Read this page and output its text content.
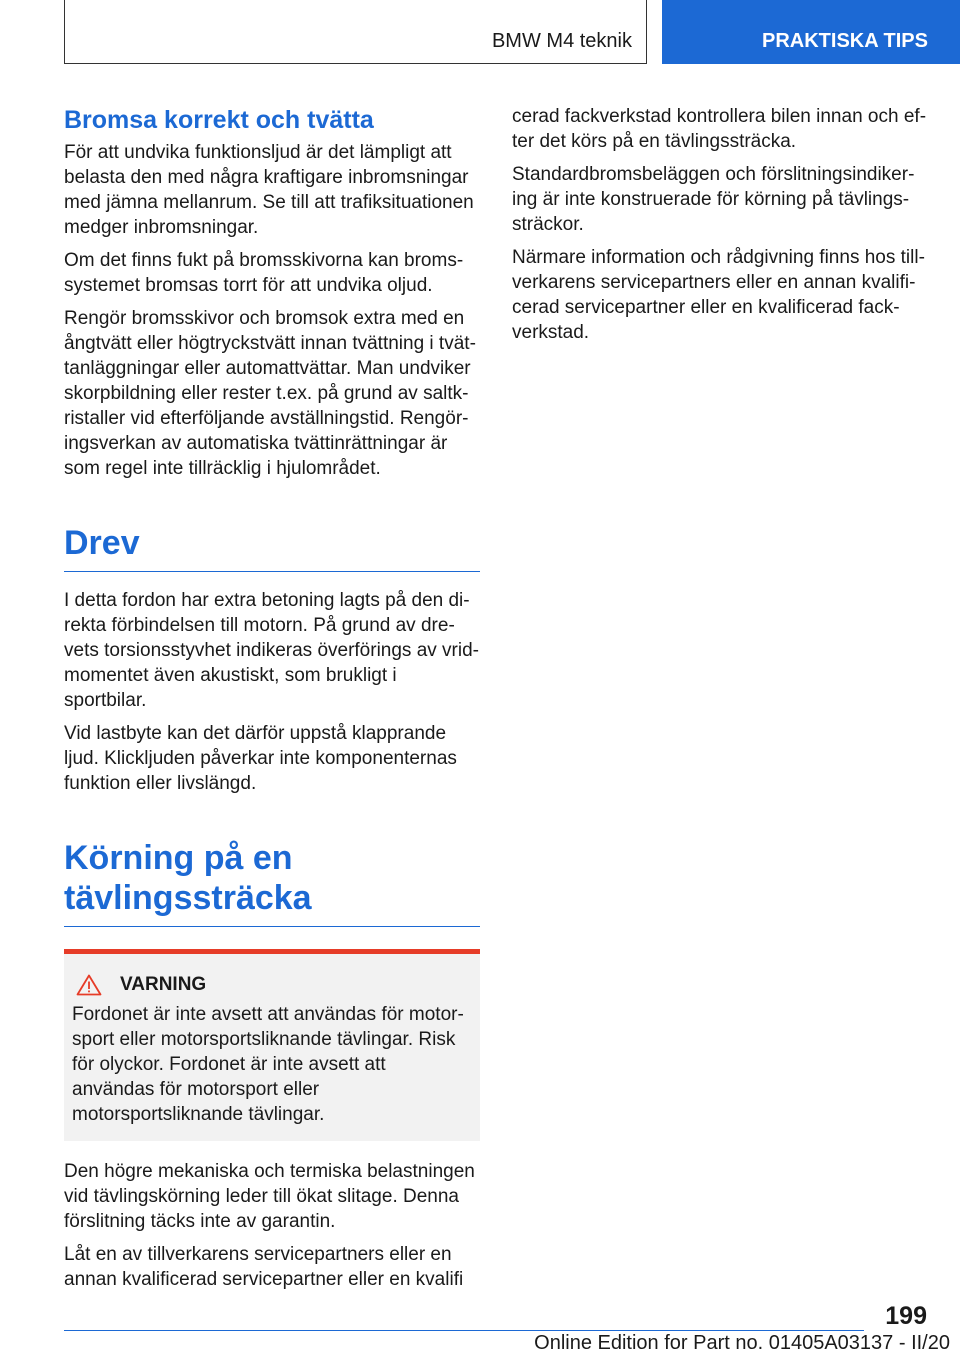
BMW M4 teknik	PRAKTISKA TIPS
Bromsa korrekt och tvätta

För att undvika funktionsljud är det lämpligt att belasta den med några kraftigare inbromsningar med jämna mellanrum. Se till att trafiksituationen medger inbromsningar.

Om det finns fukt på bromsskivorna kan bromssystemet bromsas torrt för att undvika oljud.

Rengör bromsskivor och bromsok extra med en ångtvätt eller högtryckstvätt innan tvättning i tvättanläggningar eller automattvättar. Man undviker skorpbildning eller rester t.ex. på grund av saltkristaller vid efterföljande avställningstid. Rengöringsverkan av automatiska tvättinrättningar är som regel inte tillräcklig i hjulområdet.

Drev

I detta fordon har extra betoning lagts på den direkta förbindelsen till motorn. På grund av drevets torsionsstyvhet indikeras överförings av vridmomentet även akustiskt, som brukligt i sportbilar.

Vid lastbyte kan det därför uppstå klapprande ljud. Klickljuden påverkar inte komponenternas funktion eller livslängd.

Körning på en tävlingssträcka
VARNING

Fordonet är inte avsett att användas för motorsport eller motorsportsliknande tävlingar. Risk för olyckor. Fordonet är inte avsett att användas för motorsport eller motorsportsliknande tävlingar.

Den högre mekaniska och termiska belastningen vid tävlingskörning leder till ökat slitage. Denna förslitning täcks inte av garantin.

Låt en av tillverkarens servicepartners eller en annan kvalificerad servicepartner eller en kvalifi

cerad fackverkstad kontrollera bilen innan och efter det körs på en tävlingssträcka.

Standardbromsbeläggen och förslitningsindikering är inte konstruerade för körning på tävlingssträckor.

Närmare information och rådgivning finns hos tillverkarens servicepartners eller en annan kvalificerad servicepartner eller en kvalificerad fackverkstad.

199
Online Edition for Part no. 01405A03137 - II/20
